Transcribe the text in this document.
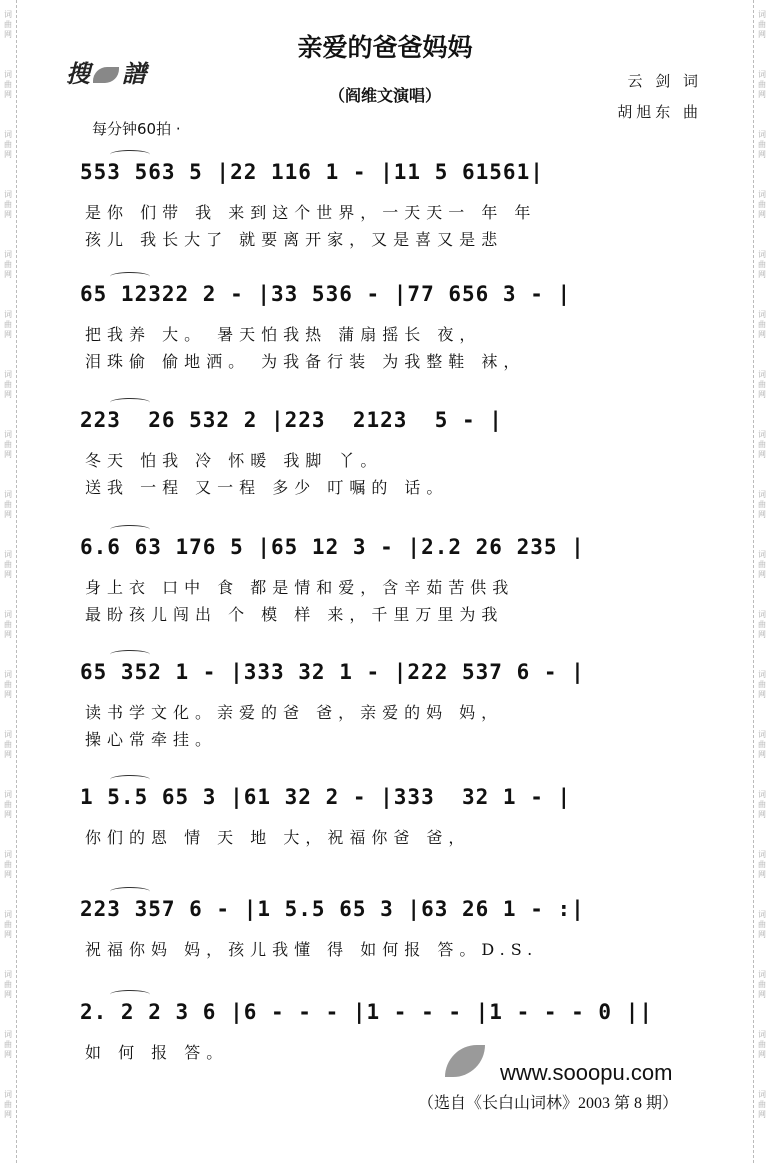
词
曲
网
词
曲
网
词
曲
网
词
曲
网
词
曲
网
词
曲
网
词
曲
网
词
曲
网
词
曲
网
词
曲
网
词
曲
网
词
曲
网
词
曲
网
词
曲
网
词
曲
网
词
曲
网
词
曲
网
词
曲
网
词
曲
网
词
曲
网
词
曲
网
词
曲
网
词
曲
网
词
曲
网
词
曲
网
词
曲
网
词
曲
网
词
曲
网
词
曲
网
词
曲
网
词
曲
网
词
曲
网
词
曲
网
词
曲
网
词
曲
网
词
曲
网
词
曲
网
词
曲
网
搜 譜
亲爱的爸爸妈妈
（阎维文演唱）
云 剑 词
胡旭东 曲
每分钟60拍 ·
553 563 5 |22 116 1 - |11 5 61561|
是你 们带 我 来到这个世界，一天天一 年 年
孩儿 我长大了 就要离开家，又是喜又是悲
65 12322 2 - |33 536 - |77 656 3 - |
把我养 大。 暑天怕我热 蒲扇摇长 夜，
泪珠偷 偷地洒。 为我备行装 为我整鞋 袜，
223  26 532 2 |223  2123  5 - |
冬天 怕我 冷 怀暖 我脚 丫。
送我 一程 又一程 多少 叮嘱的 话。
6.6 63 176 5 |65 12 3 - |2.2 26 235 |
身上衣 口中 食 都是情和爱，含辛茹苦供我
最盼孩儿闯出 个 模 样 来，千里万里为我
65 352 1 - |333 32 1 - |222 537 6 - |
读书学文化。亲爱的爸 爸，亲爱的妈 妈，
操心常牵挂。
1 5.5 65 3 |61 32 2 - |333  32 1 - |
你们的恩 情 天 地 大，祝福你爸 爸，
223 357 6 - |1 5.5 65 3 |63 26 1 - :|
祝福你妈 妈，孩儿我懂 得 如何报 答。D.S.
2. 2 2 3 6 |6 - - - |1 - - - |1 - - - 0 ||
如 何 报 答。
www.sooopu.com
（选自《长白山词林》2003 第 8 期）
